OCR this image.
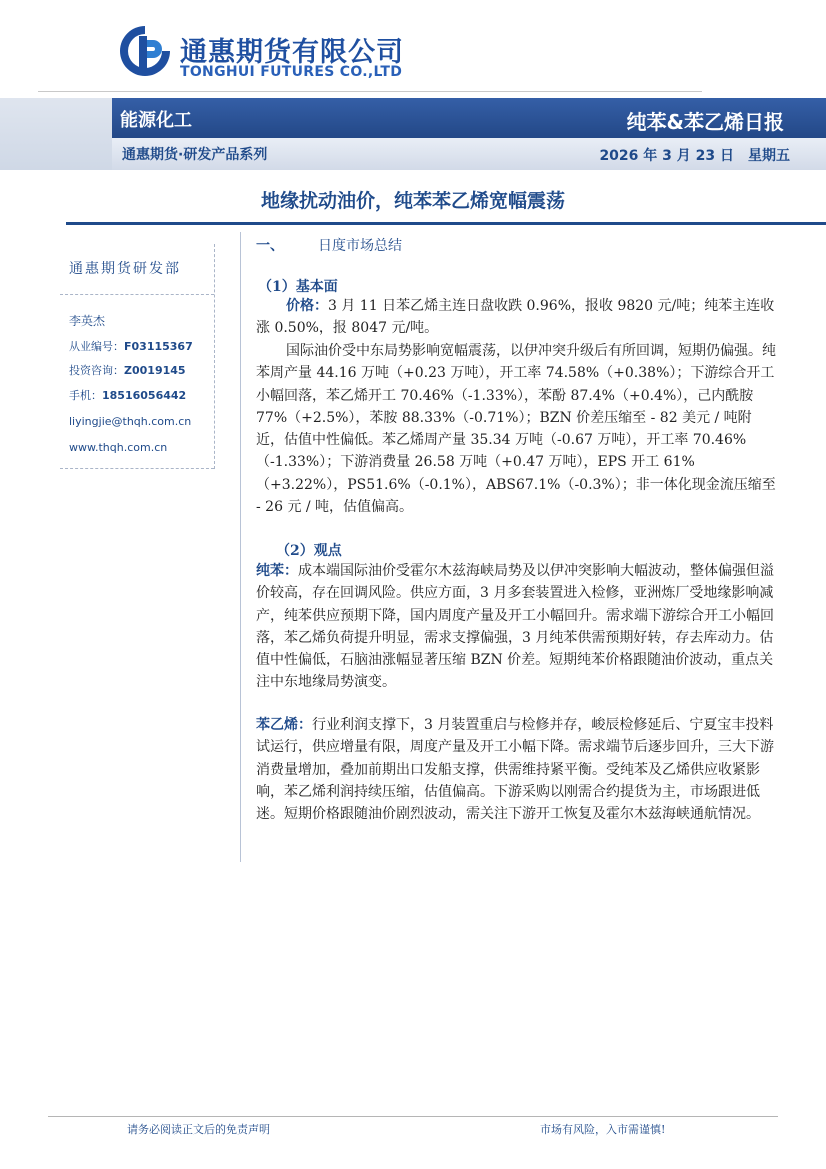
通惠期货有限公司
TONGHUI FUTURES CO.,LTD
能源化工	纯苯&苯乙烯日报
通惠期货·研发产品系列	2026 年 3 月 23 日　星期五
地缘扰动油价，纯苯苯乙烯宽幅震荡
通惠期货研发部
李英杰
从业编号：F03115367
投资咨询：Z0019145
手机：18516056442
liyingjie@thqh.com.cn
www.thqh.com.cn
一、 日度市场总结
（1）基本面
价格：3 月 11 日苯乙烯主连日盘收跌 0.96%，报收 9820 元/吨；纯苯主连收涨 0.50%，报 8047 元/吨。
国际油价受中东局势影响宽幅震荡，以伊冲突升级后有所回调，短期仍偏强。纯苯周产量 44.16 万吨（+0.23 万吨），开工率 74.58%（+0.38%）；下游综合开工小幅回落，苯乙烯开工 70.46%（-1.33%），苯酚 87.4%（+0.4%），己内酰胺 77%（+2.5%），苯胺 88.33%（-0.71%）；BZN 价差压缩至 - 82 美元 / 吨附近，估值中性偏低。苯乙烯周产量 35.34 万吨（-0.67 万吨），开工率 70.46%（-1.33%）；下游消费量 26.58 万吨（+0.47 万吨），EPS 开工 61%（+3.22%），PS51.6%（-0.1%），ABS67.1%（-0.3%）；非一体化现金流压缩至 - 26 元 / 吨，估值偏高。
（2）观点
纯苯：成本端国际油价受霍尔木兹海峡局势及以伊冲突影响大幅波动，整体偏强但溢价较高，存在回调风险。供应方面，3 月多套装置进入检修，亚洲炼厂受地缘影响减产，纯苯供应预期下降，国内周度产量及开工小幅回升。需求端下游综合开工小幅回落，苯乙烯负荷提升明显，需求支撑偏强，3 月纯苯供需预期好转，存去库动力。估值中性偏低，石脑油涨幅显著压缩 BZN 价差。短期纯苯价格跟随油价波动，重点关注中东地缘局势演变。
苯乙烯：行业利润支撑下，3 月装置重启与检修并存，峻辰检修延后、宁夏宝丰投料试运行，供应增量有限，周度产量及开工小幅下降。需求端节后逐步回升，三大下游消费量增加，叠加前期出口发船支撑，供需维持紧平衡。受纯苯及乙烯供应收紧影响，苯乙烯利润持续压缩，估值偏高。下游采购以刚需合约提货为主，市场跟进低迷。短期价格跟随油价剧烈波动，需关注下游开工恢复及霍尔木兹海峡通航情况。
请务必阅读正文后的免责声明	市场有风险，入市需谨慎!
